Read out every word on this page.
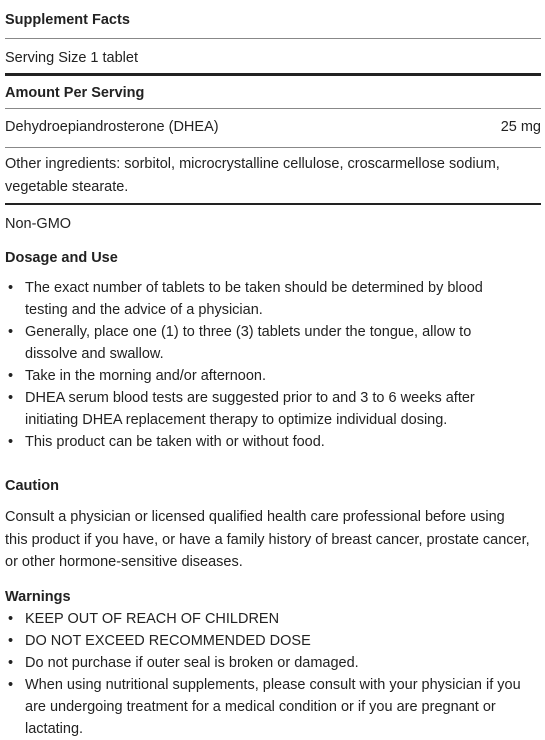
Supplement Facts
Serving Size 1 tablet
Amount Per Serving
Dehydroepiandrosterone (DHEA)	25 mg
Other ingredients: sorbitol, microcrystalline cellulose, croscarmellose sodium, vegetable stearate.
Non-GMO
Dosage and Use
• The exact number of tablets to be taken should be determined by blood testing and the advice of a physician.
• Generally, place one (1) to three (3) tablets under the tongue, allow to dissolve and swallow.
• Take in the morning and/or afternoon.
• DHEA serum blood tests are suggested prior to and 3 to 6 weeks after initiating DHEA replacement therapy to optimize individual dosing.
• This product can be taken with or without food.
Caution

Consult a physician or licensed qualified health care professional before using this product if you have, or have a family history of breast cancer, prostate cancer, or other hormone-sensitive diseases.

Warnings
• KEEP OUT OF REACH OF CHILDREN
• DO NOT EXCEED RECOMMENDED DOSE
• Do not purchase if outer seal is broken or damaged.
• When using nutritional supplements, please consult with your physician if you are undergoing treatment for a medical condition or if you are pregnant or lactating.
